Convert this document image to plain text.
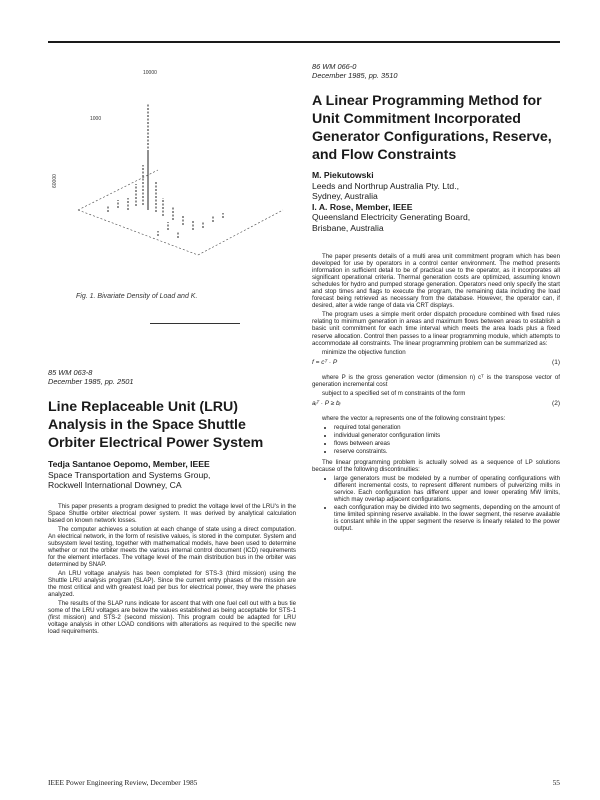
60000
1000
10000
Fig. 1. Bivariate Density of Load and K.
85 WM 063-8
December 1985, pp. 2501
Line Replaceable Unit (LRU)
Analysis in the Space Shuttle
Orbiter Electrical Power System
Tedja Santanoe Oepomo, Member, IEEE
Space Transportation and Systems Group,
Rockwell International Downey, CA

This paper presents a program designed to predict the voltage level of the LRU's in the Space Shuttle orbiter electrical power system. It was derived by analytical calculation based on known network losses.

The computer achieves a solution at each change of state using a direct computation. An electrical network, in the form of resistive values, is stored in the computer. System and subsystem level testing, together with mathematical models, have been used to determine whether or not the orbiter meets the various internal control document (ICD) requirements for the element interfaces. The voltage level of the main distribution bus in the orbiter was determined by SNAP.

An LRU voltage analysis has been completed for STS-3 (third mission) using the Shuttle LRU analysis program (SLAP). Since the current entry phases of the mission are the most critical and with greatest load per bus for electrical power, they were the phases analyzed.

The results of the SLAP runs indicate for ascent that with one fuel cell out with a bus tie some of the LRU voltages are below the values established as being acceptable for STS-1 (first mission) and STS-2 (second mission). This program could be adapted for LRU voltage analysis in other LOAD conditions with alterations as required to the specific new load requirements.

86 WM 066-0
December 1985, pp. 3510
A Linear Programming Method for
Unit Commitment Incorporated
Generator Configurations, Reserve,
and Flow Constraints
M. Piekutowski
Leeds and Northrup Australia Pty. Ltd.,
Sydney, Australia
I. A. Rose, Member, IEEE
Queensland Electricity Generating Board,
Brisbane, Australia

The paper presents details of a multi area unit commitment program which has been developed for use by operators in a control center environment. The method presents information in sufficient detail to be of practical use to the operator, as it incorporates all significant operational criteria. Thermal generation costs are optimized, assuming known schedules for hydro and pumped storage generation. Operators need only specify the start and stop times and flags to execute the program, the remaining data including the load forecast being retrieved as necessary from the database. However, the operator can, if desired, alter a wide range of data via CRT displays.

The program uses a simple merit order dispatch procedure combined with fixed rules relating to minimum generation in areas and maximum flows between areas to establish a basic unit commitment for each time interval which meets the area loads plus a fixed reserve allocation. Control then passes to a linear programming module, which attempts to accommodate all constraints. The linear programming problem can be summarized as:

minimize the objective function

f = cᵀ · P	(1)

where P is the gross generation vector (dimension n) cᵀ is the transpose vector of generation incremental cost

subject to a specified set of m constraints of the form

aᵢᵀ · P ≥ bᵢ	(2)

where the vector aᵢ represents one of the following constraint types:

• required total generation
• individual generator configuration limits
• flows between areas
• reserve constraints.

The linear programming problem is actually solved as a sequence of LP solutions because of the following discontinuities:

• large generators must be modeled by a number of operating configurations with different incremental costs, to represent different numbers of pulverizing mills in service. Each configuration has different upper and lower operating MW limits, which may overlap adjacent configurations.
• each configuration may be divided into two segments, depending on the amount of time limited spinning reserve available. In the lower segment, the reserve available is constant while in the upper segment the reserve is linearly related to the power output.
IEEE Power Engineering Review, December 1985	55
